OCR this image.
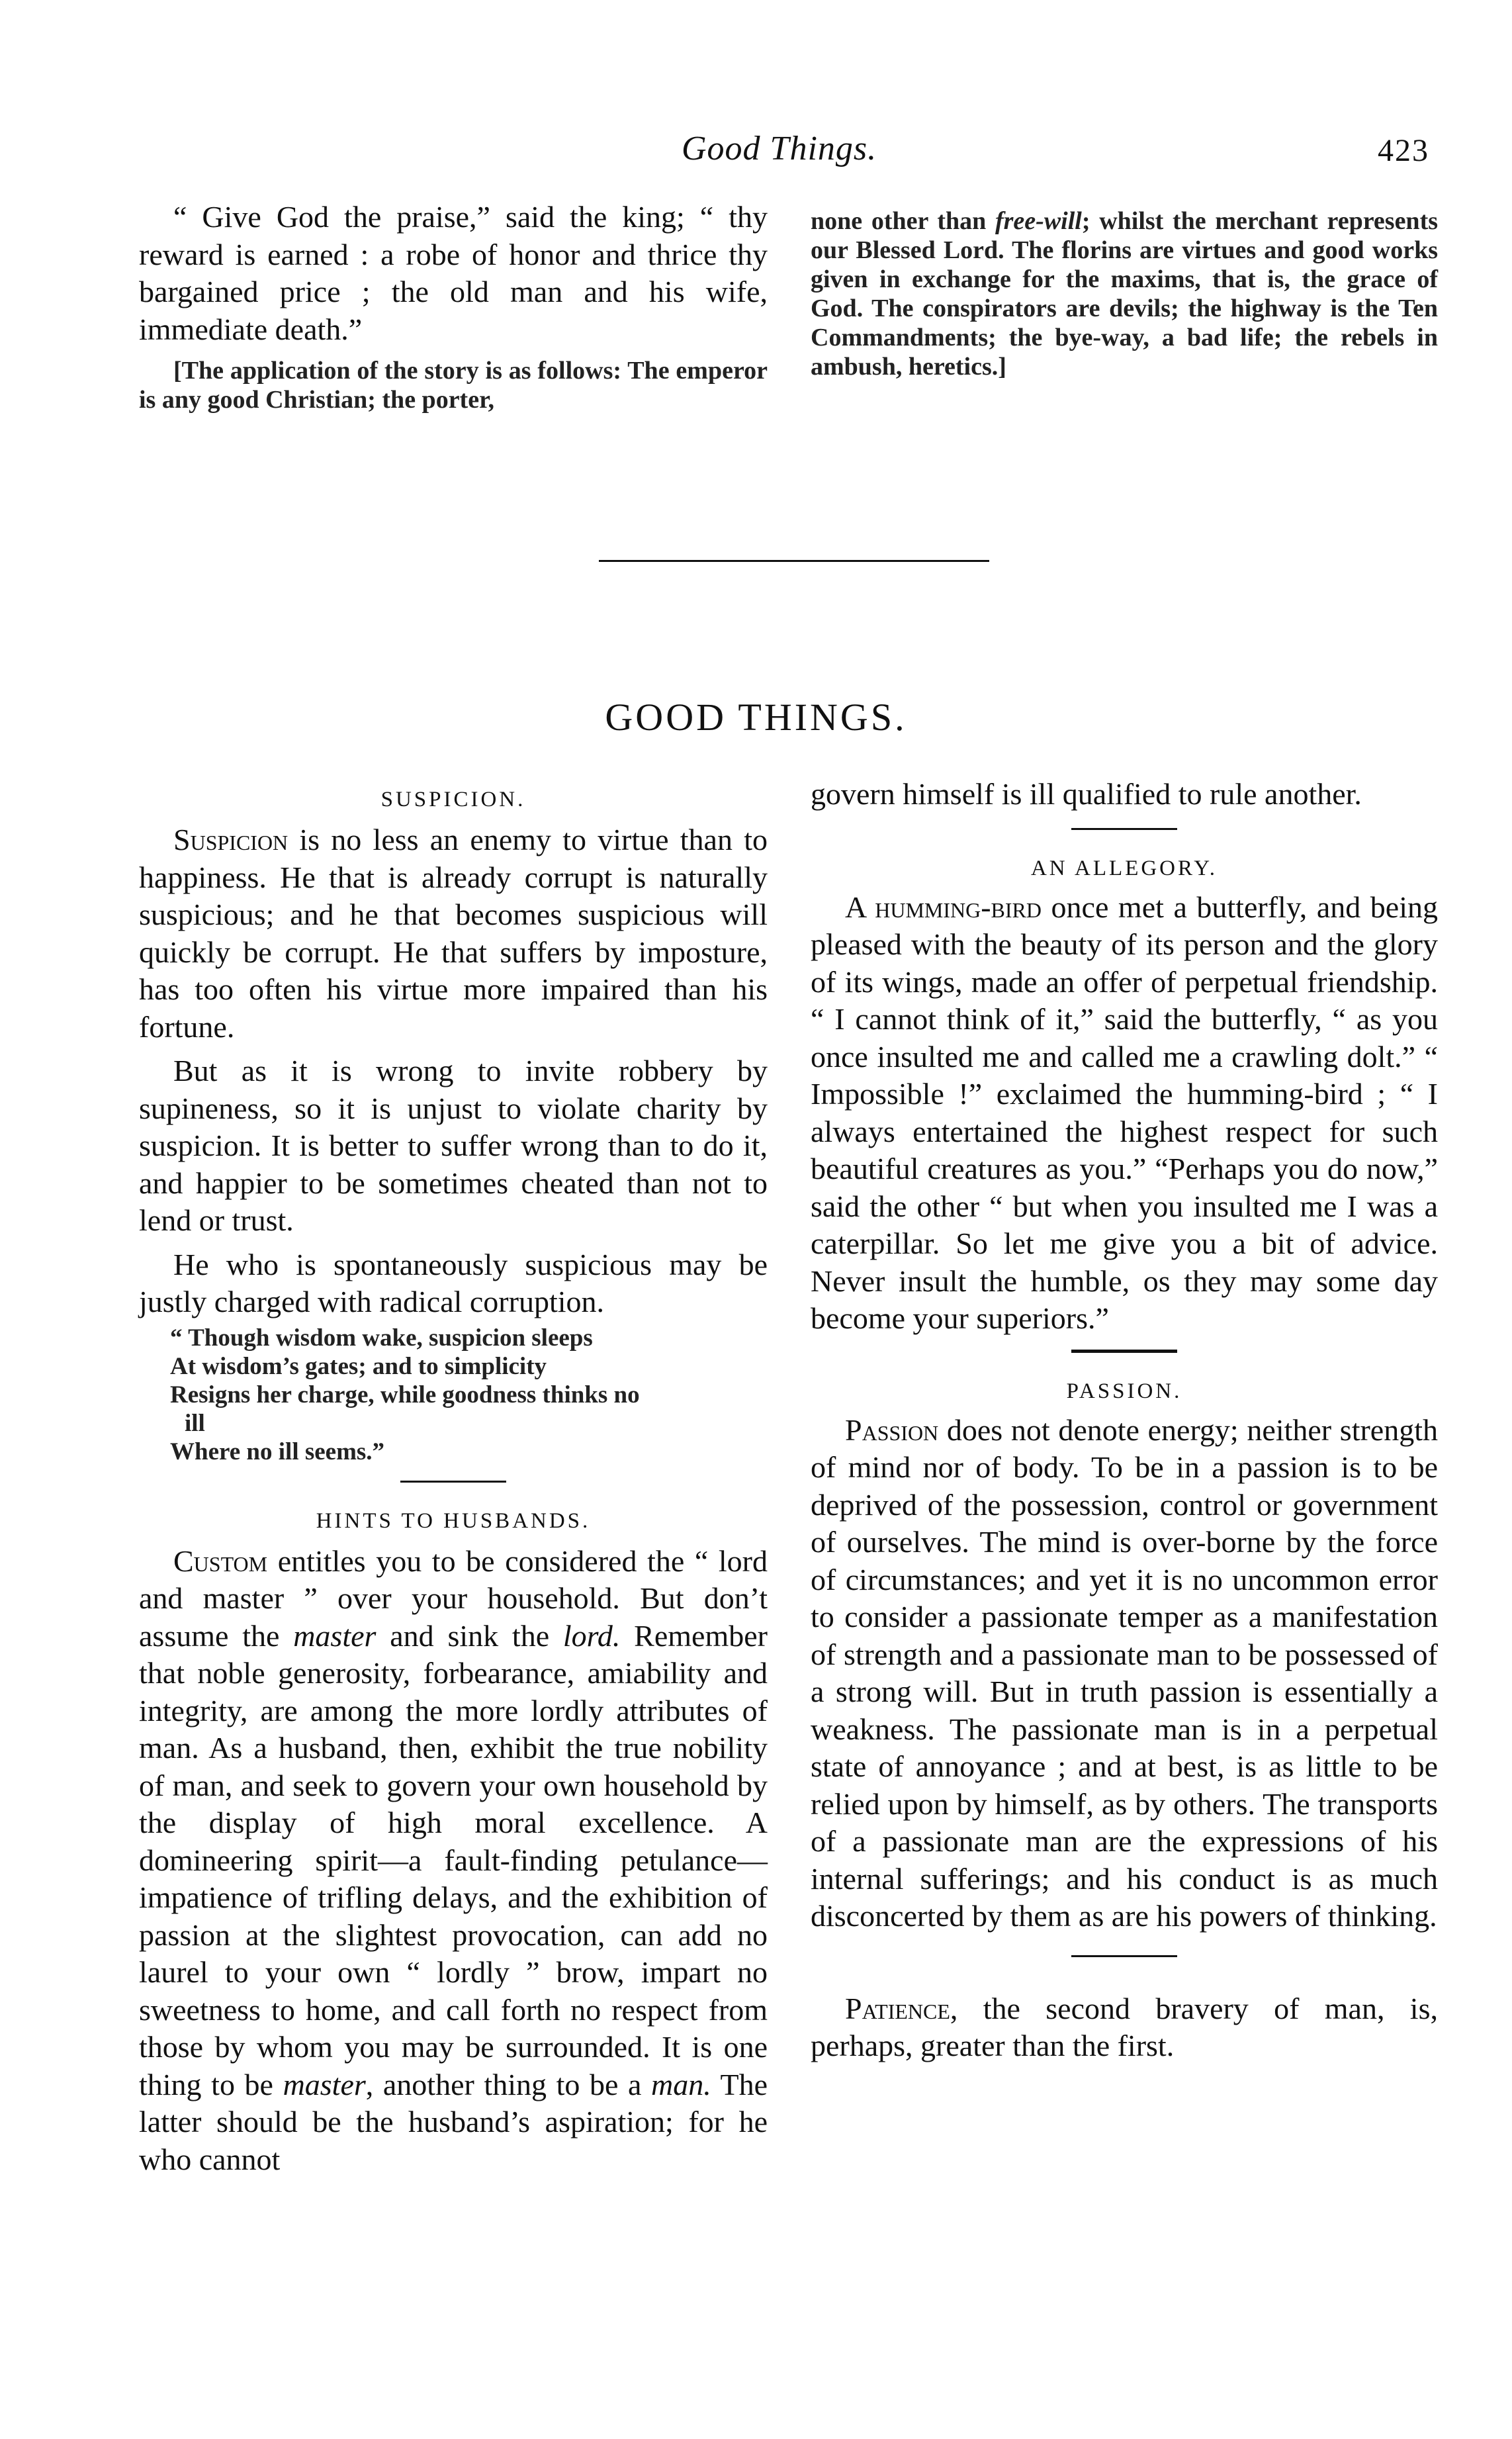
Good Things.	423

“ Give God the praise,” said the king; “ thy reward is earned : a robe of honor and thrice thy bargained price ; the old man and his wife, immediate death.”

[The application of the story is as follows: The emperor is any good Christian; the porter,

none other than free-will; whilst the merchant represents our Blessed Lord. The florins are virtues and good works given in exchange for the maxims, that is, the grace of God. The conspirators are devils; the highway is the Ten Commandments; the bye-way, a bad life; the rebels in ambush, heretics.]

GOOD THINGS.

SUSPICION.

Suspicion is no less an enemy to virtue than to happiness. He that is already corrupt is naturally suspicious; and he that becomes suspicious will quickly be corrupt. He that suffers by imposture, has too often his virtue more impaired than his fortune.

But as it is wrong to invite robbery by supineness, so it is unjust to violate charity by suspicion. It is better to suffer wrong than to do it, and happier to be sometimes cheated than not to lend or trust.

He who is spontaneously suspicious may be justly charged with radical corruption.

“ Though wisdom wake, suspicion sleeps
At wisdom’s gates; and to simplicity
Resigns her charge, while goodness thinks no
ill
Where no ill seems.”

HINTS TO HUSBANDS.

Custom entitles you to be considered the “ lord and master ” over your household. But don’t assume the master and sink the lord. Remember that noble generosity, forbearance, amiability and integrity, are among the more lordly attributes of man. As a husband, then, exhibit the true nobility of man, and seek to govern your own household by the display of high moral excellence. A domineering spirit—a fault-finding petulance—impatience of trifling delays, and the exhibition of passion at the slightest provocation, can add no laurel to your own “ lordly ” brow, impart no sweetness to home, and call forth no respect from those by whom you may be surrounded. It is one thing to be master, another thing to be a man. The latter should be the husband’s aspiration; for he who cannot

govern himself is ill qualified to rule another.

AN ALLEGORY.

A humming-bird once met a butterfly, and being pleased with the beauty of its person and the glory of its wings, made an offer of perpetual friendship. “ I cannot think of it,” said the butterfly, “ as you once insulted me and called me a crawling dolt.” “ Impossible !” exclaimed the humming-bird ; “ I always entertained the highest respect for such beautiful creatures as you.” “Perhaps you do now,” said the other “ but when you insulted me I was a caterpillar. So let me give you a bit of advice. Never insult the humble, os they may some day become your superiors.”

PASSION.

Passion does not denote energy; neither strength of mind nor of body. To be in a passion is to be deprived of the possession, control or government of ourselves. The mind is over-borne by the force of circumstances; and yet it is no uncommon error to consider a passionate temper as a manifestation of strength and a passionate man to be possessed of a strong will. But in truth passion is essentially a weakness. The passionate man is in a perpetual state of annoyance ; and at best, is as little to be relied upon by himself, as by others. The transports of a passionate man are the expressions of his internal sufferings; and his conduct is as much disconcerted by them as are his powers of thinking.

Patience, the second bravery of man, is, perhaps, greater than the first.
